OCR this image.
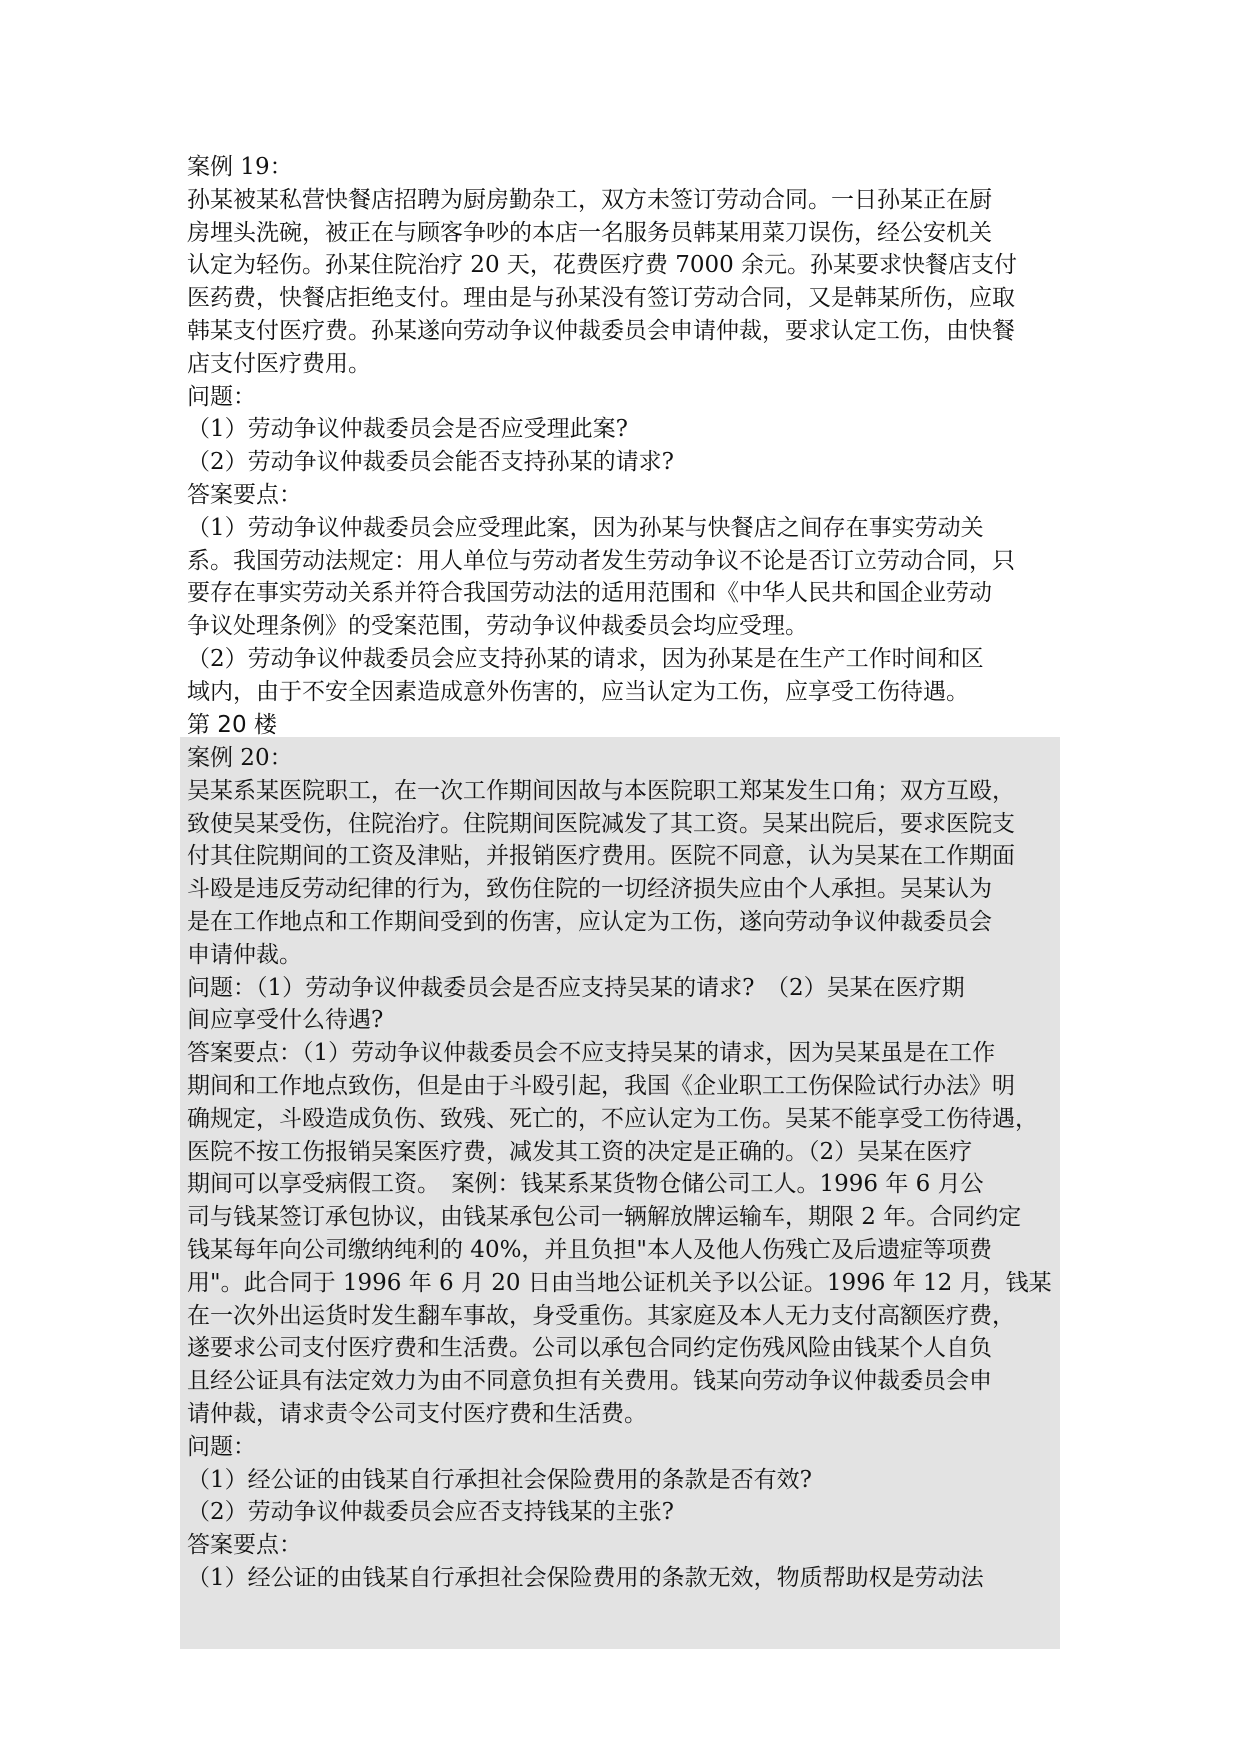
案例 20：
吴某系某医院职工，在一次工作期间因故与本医院职工郑某发生口角；双方互殴，
致使吴某受伤，住院治疗。住院期间医院减发了其工资。吴某出院后，要求医院支
付其住院期间的工资及津贴，并报销医疗费用。医院不同意，认为吴某在工作期面
斗殴是违反劳动纪律的行为，致伤住院的一切经济损失应由个人承担。吴某认为
是在工作地点和工作期间受到的伤害，应认定为工伤，遂向劳动争议仲裁委员会
申请仲裁。
问题：（1）劳动争议仲裁委员会是否应支持吴某的请求?　（2）吴某在医疗期
间应享受什么待遇?
答案要点：（1）劳动争议仲裁委员会不应支持吴某的请求，因为吴某虽是在工作
期间和工作地点致伤，但是由于斗殴引起，我国《企业职工工伤保险试行办法》明
确规定，斗殴造成负伤、致残、死亡的，不应认定为工伤。吴某不能享受工伤待遇，
医院不按工伤报销吴案医疗费，减发其工资的决定是正确的。（2）吴某在医疗
期间可以享受病假工资。　案例：钱某系某货物仓储公司工人。1996 年 6 月公
司与钱某签订承包协议，由钱某承包公司一辆解放牌运输车，期限 2 年。合同约定
钱某每年向公司缴纳纯利的 40%，并且负担"本人及他人伤残亡及后遗症等项费
用"。此合同于 1996 年 6 月 20 日由当地公证机关予以公证。1996 年 12 月，钱某
在一次外出运货时发生翻车事故，身受重伤。其家庭及本人无力支付高额医疗费，
遂要求公司支付医疗费和生活费。公司以承包合同约定伤残风险由钱某个人自负
且经公证具有法定效力为由不同意负担有关费用。钱某向劳动争议仲裁委员会申
请仲裁，请求责令公司支付医疗费和生活费。
问题：
（1）经公证的由钱某自行承担社会保险费用的条款是否有效?
（2）劳动争议仲裁委员会应否支持钱某的主张?
答案要点：
（1）经公证的由钱某自行承担社会保险费用的条款无效，物质帮助权是劳动法
案例 19：
孙某被某私营快餐店招聘为厨房勤杂工，双方未签订劳动合同。一日孙某正在厨
房埋头洗碗，被正在与顾客争吵的本店一名服务员韩某用菜刀误伤，经公安机关
认定为轻伤。孙某住院治疗 20 天，花费医疗费 7000 余元。孙某要求快餐店支付
医药费，快餐店拒绝支付。理由是与孙某没有签订劳动合同，又是韩某所伤，应取
韩某支付医疗费。孙某遂向劳动争议仲裁委员会申请仲裁，要求认定工伤，由快餐
店支付医疗费用。
问题：
（1）劳动争议仲裁委员会是否应受理此案?
（2）劳动争议仲裁委员会能否支持孙某的请求?
答案要点：
（1）劳动争议仲裁委员会应受理此案，因为孙某与快餐店之间存在事实劳动关
系。我国劳动法规定：用人单位与劳动者发生劳动争议不论是否订立劳动合同，只
要存在事实劳动关系并符合我国劳动法的适用范围和《中华人民共和国企业劳动
争议处理条例》的受案范围，劳动争议仲裁委员会均应受理。
（2）劳动争议仲裁委员会应支持孙某的请求，因为孙某是在生产工作时间和区
域内，由于不安全因素造成意外伤害的，应当认定为工伤，应享受工伤待遇。
第 20 楼
